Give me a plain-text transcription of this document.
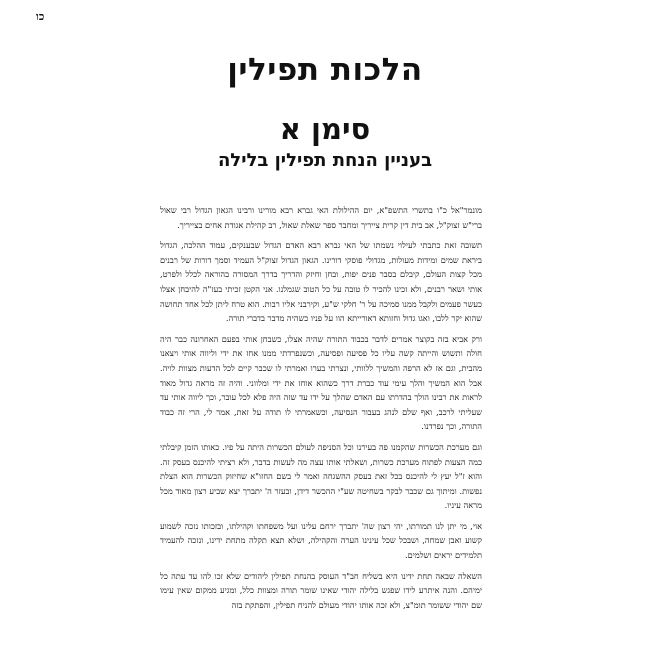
כו
הלכות תפילין
סימן א
בעניין הנחת תפילין בלילה

מונמר"אל כ"ו בתשרי התשפ"א, יום ההילולת האי גברא רבא מורינו ורבינו הגאון הגדול רבי שאול ברי"ש זצוק"ל, אב בית דין קרית צייריך ומחבר ספר שאלת שאול, רב קהילת אגודת אחים בצייריך.

תשובה זאת כתבתי לעילוי נשמתו של האי גברא רבא האדם הגדול שבענקים, עמוד ההלכה, הגדול ביראת שמים ומידות מעולות, מגדולי פוסקי דורינו. הגאון הגדול זצוק"ל העמיד וסמך דורות של רבנים מכל קצות העולם, קיבלם בסבר פנים יפות, ובחן וחיזק והדריך בדרך המסורה בהוראה לכלל ולפרט, אותי ושאר רבנים, ולא זכינו להכיר לו טובה על כל הטוב שגמלנו. אני הקטן זכיתי בעז"ה להיבחן אצלו כעשר פעמים ולקבל ממנו סמיכה על ר' חלקי ש"ע, וקירבני אליו רבות. הוא טרח ליתן לכל אחד תחושה שהוא יקר ללבו, ואגו גדול וחזותא דאורייתא הוו על פניו כשהיה מדבר בדברי תורה.

ורק אביא בזה בקוצר אמרים לדבר בכבוד התורה שהיה אצלו, כשבחן אותי בפעם האחרונה כבר היה חולה ותשוש והייתה קשה עליו כל פסיעה ופסיעה, וכשנפרדתי ממנו אחז את ידי וליווה אותי ויצאנו מהבית, וגם אז לא הרפה והמשיך ללוותי, ונצרתי בערו ואמרתי לו שכבר קיים לכל הדעות מצוות לויה. אבל הוא המשיך והלך עימי עוד כברת דרך כשהוא אוחז את ידי ומלווני. והיה זה מראה גדול מאוד לראות את רבינו הולך בהדרתו עם האדם שהלך על ידו עד שזה היה פלא לכל עובר, וכך ליווה אותי עד שעליתי לרכב, ואף שלם לנהג בעבור הנסיעה, וכשאמרתי לו תודה על זאת, אמר לי, הרי זה כבוד התורה, וכך נפרדנו.

וגם מערכת הכשרות שהקמנו פה בעירנו וכל הסניפה לעולם הכשרות היתה על פיו. כאותו הזמן קיבלתי כמה הצעות לפתוח מערכת כשרות, ושאלתי אותו עצה מה לעשות בדבר, ולא רציתי להיכנס בעסק זה. והוא ז"ל יעץ לי להיכנס בכל זאת בעסק ההשגחה ואמר לי בשם החזו"א שחיזוק הכשרות הוא הצלת נפשות. ומיתוך גם שכבר לבקר בשחיטה שע"י ההכשר דידן, ובעזר ה' יתברך יצא שביע רצון מאוד מכל מראה עיניו.

אוי, מי יתן לנו תמורתו, יהי רצון שה' יתברך ירחם עלינו ועל משפחתו וקהילתו, ובזכותו נזכה לשמוע קשוע ואבן שמחה, ושבכל שכל עינינו הערה והקהילה, ושלא תצא תקלה מתחת ידינו, ונזכה להעמיד תלמידים יראים ושלמים.

השאלה שבאה תחת ידינו היא בשליח חב"ד העוסק בהנחת תפילין ליהודים שלא זכו להו עד עתה כל ימיהם. והנה איתרע לידו שפגש בלילה יהודי שאינו שומר תורה ומצוות כלל, ומגיע ממקום שאין עימו שם יהודי ששומר תומ"צ, ולא זכה אותו יהודי מעולם להניח תפילין, והפתקת בזה
